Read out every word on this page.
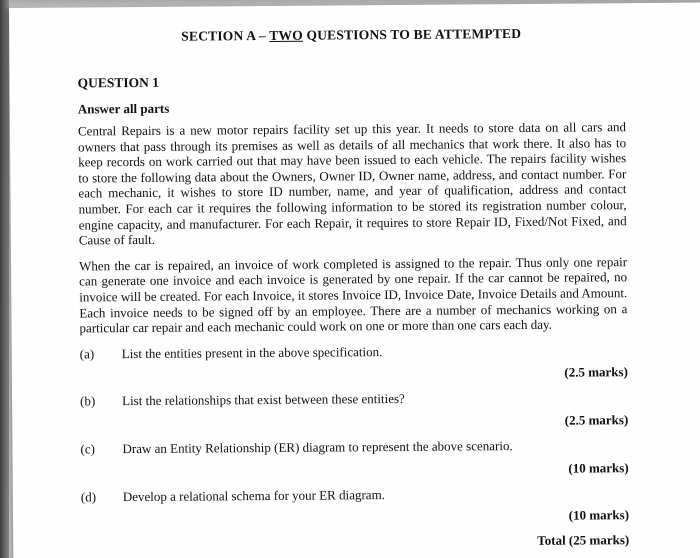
SECTION A – TWO QUESTIONS TO BE ATTEMPTED
QUESTION 1
Answer all parts

Central Repairs is a new motor repairs facility set up this year. It needs to store data on all cars and owners that pass through its premises as well as details of all mechanics that work there. It also has to keep records on work carried out that may have been issued to each vehicle. The repairs facility wishes to store the following data about the Owners, Owner ID, Owner name, address, and contact number. For each mechanic, it wishes to store ID number, name, and year of qualification, address and contact number. For each car it requires the following information to be stored its registration number colour, engine capacity, and manufacturer. For each Repair, it requires to store Repair ID, Fixed/Not Fixed, and Cause of fault.

When the car is repaired, an invoice of work completed is assigned to the repair. Thus only one repair can generate one invoice and each invoice is generated by one repair. If the car cannot be repaired, no invoice will be created. For each Invoice, it stores Invoice ID, Invoice Date, Invoice Details and Amount. Each invoice needs to be signed off by an employee. There are a number of mechanics working on a particular car repair and each mechanic could work on one or more than one cars each day.

(a)	List the entities present in the above specification.
(2.5 marks)
(b)	List the relationships that exist between these entities?
(2.5 marks)
(c)	Draw an Entity Relationship (ER) diagram to represent the above scenario.
(10 marks)
(d)	Develop a relational schema for your ER diagram.
(10 marks)
Total (25 marks)
